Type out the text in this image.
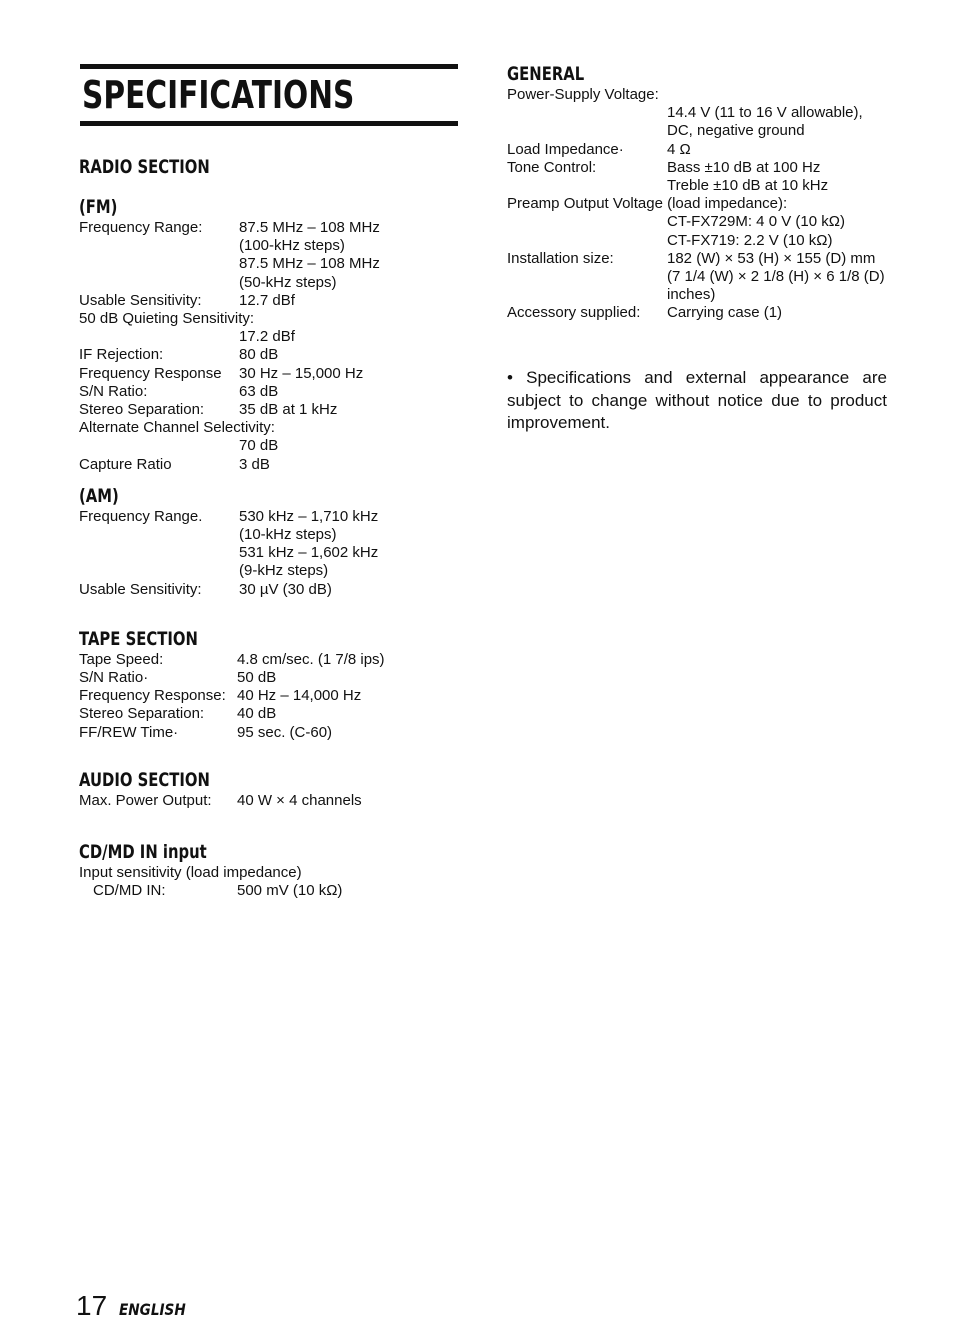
SPECIFICATIONS
RADIO SECTION
(FM)
Frequency Range:	87.5 MHz – 108 MHz
(100-kHz steps)
87.5 MHz – 108 MHz
(50-kHz steps)
Usable Sensitivity:	12.7 dBf
50 dB Quieting Sensitivity:
17.2 dBf
IF Rejection:	80 dB
Frequency Response	30 Hz – 15,000 Hz
S/N Ratio:	63 dB
Stereo Separation:	35 dB at 1 kHz
Alternate Channel Selectivity:
70 dB
Capture Ratio	3 dB
(AM)
Frequency Range.	530 kHz – 1,710 kHz
(10-kHz steps)
531 kHz – 1,602 kHz
(9-kHz steps)
Usable Sensitivity:	30 µV (30 dB)
TAPE SECTION
Tape Speed:	4.8 cm/sec. (1 7/8 ips)
S/N Ratio·	50 dB
Frequency Response: 40 Hz – 14,000 Hz
Stereo Separation:	40 dB
FF/REW Time·	95 sec. (C-60)
AUDIO SECTION
Max. Power Output:	40 W × 4 channels
CD/MD IN input
Input sensitivity (load impedance)
CD/MD IN:	500 mV (10 kΩ)
GENERAL
Power-Supply Voltage:
14.4 V (11 to 16 V allowable),
DC, negative ground
Load Impedance·	4 Ω
Tone Control:	Bass ±10 dB at 100 Hz
Treble ±10 dB at 10 kHz
Preamp Output Voltage (load impedance):
CT-FX729M: 4 0 V (10 kΩ)
CT-FX719: 2.2 V (10 kΩ)
Installation size:	182 (W) × 53 (H) × 155 (D) mm
(7 1/4 (W) × 2 1/8 (H) × 6 1/8 (D)
inches)
Accessory supplied:	Carrying case (1)
• Specifications and external appearance are subject to change without notice due to product improvement.
17 ENGLISH
